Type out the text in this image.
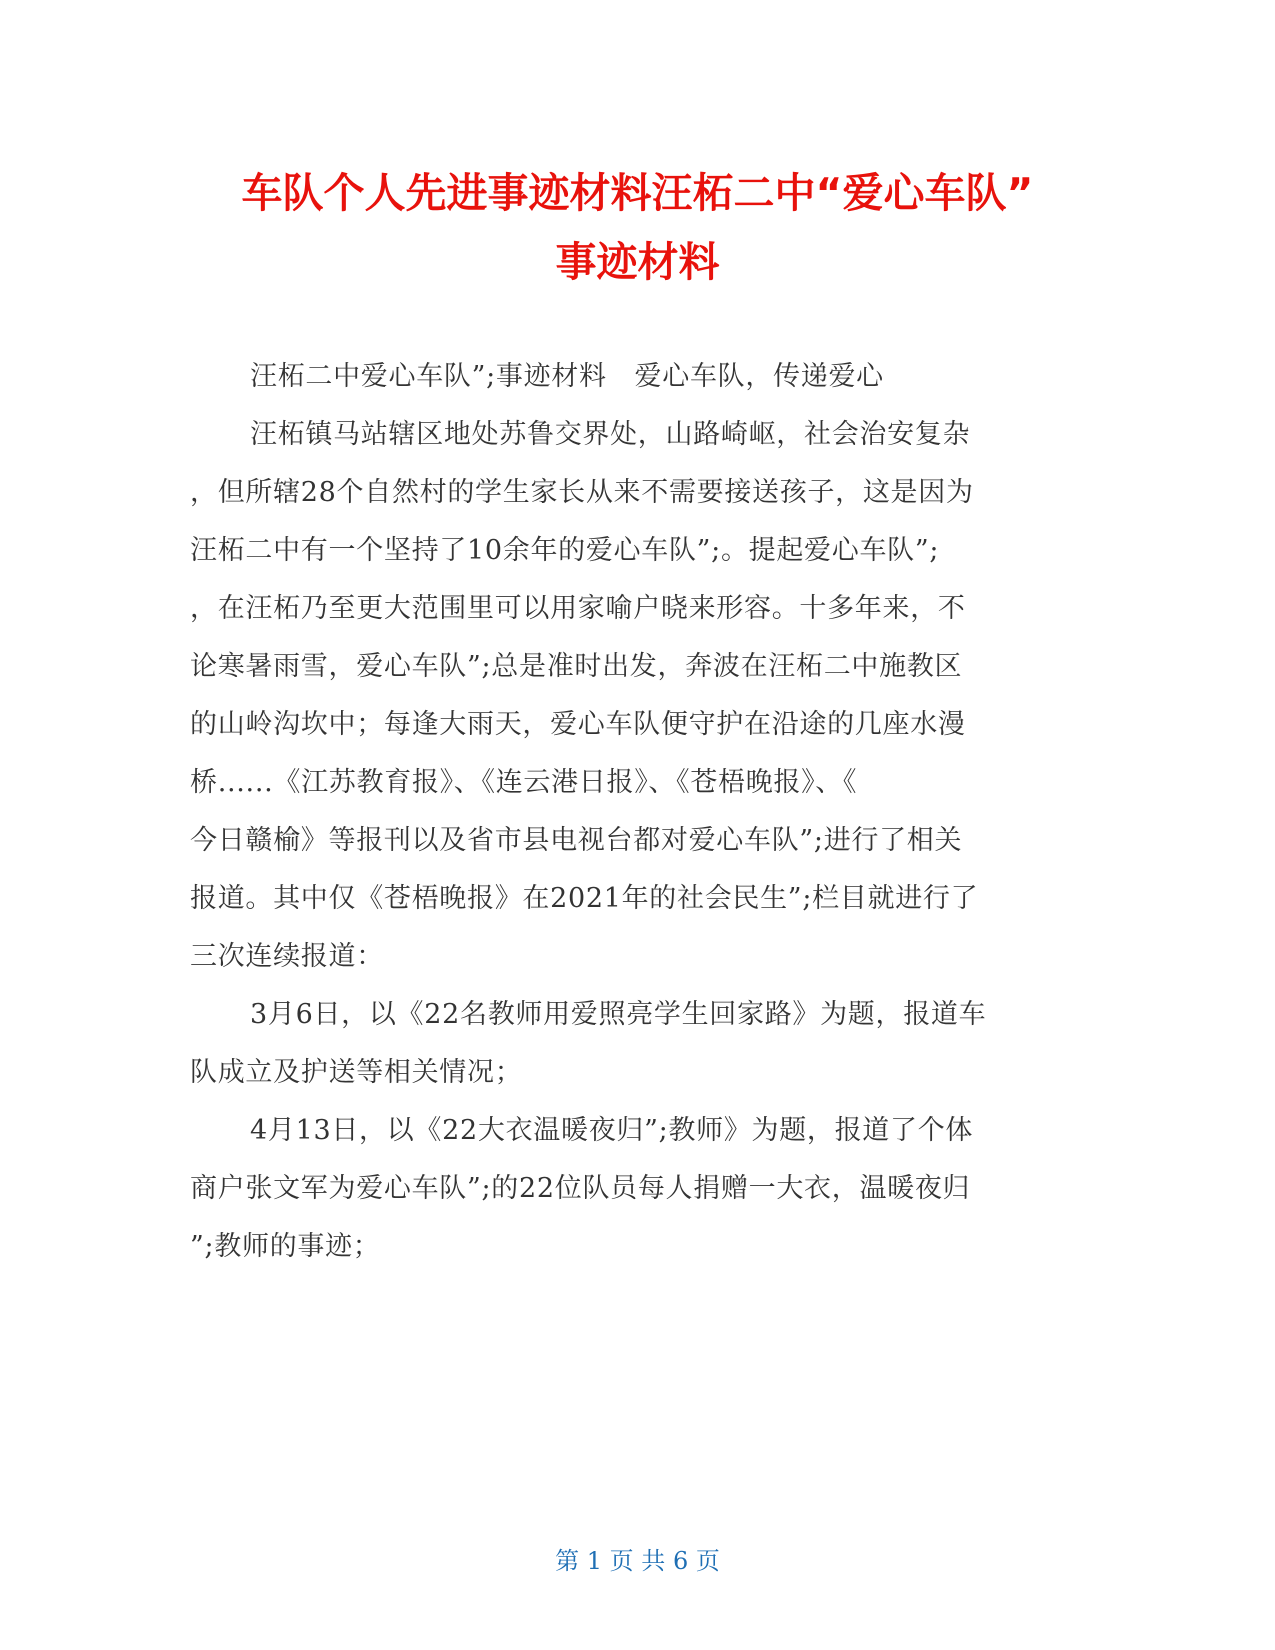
车队个人先进事迹材料汪柘二中“爱心车队”
事迹材料
汪柘二中爱心车队”;事迹材料   爱心车队，传递爱心
汪柘镇马站辖区地处苏鲁交界处，山路崎岖，社会治安复杂
，但所辖28个自然村的学生家长从来不需要接送孩子，这是因为
汪柘二中有一个坚持了10余年的爱心车队”;。提起爱心车队”;
，在汪柘乃至更大范围里可以用家喻户晓来形容。十多年来，不
论寒暑雨雪，爱心车队”;总是准时出发，奔波在汪柘二中施教区
的山岭沟坎中；每逢大雨天，爱心车队便守护在沿途的几座水漫
桥......《江苏教育报》、《连云港日报》、《苍梧晚报》、《
今日赣榆》等报刊以及省市县电视台都对爱心车队”;进行了相关
报道。其中仅《苍梧晚报》在2021年的社会民生”;栏目就进行了
三次连续报道：
3月6日，以《22名教师用爱照亮学生回家路》为题，报道车
队成立及护送等相关情况；
4月13日，以《22大衣温暖夜归”;教师》为题，报道了个体
商户张文军为爱心车队”;的22位队员每人捐赠一大衣，温暖夜归
”;教师的事迹；
第 1 页 共 6 页
